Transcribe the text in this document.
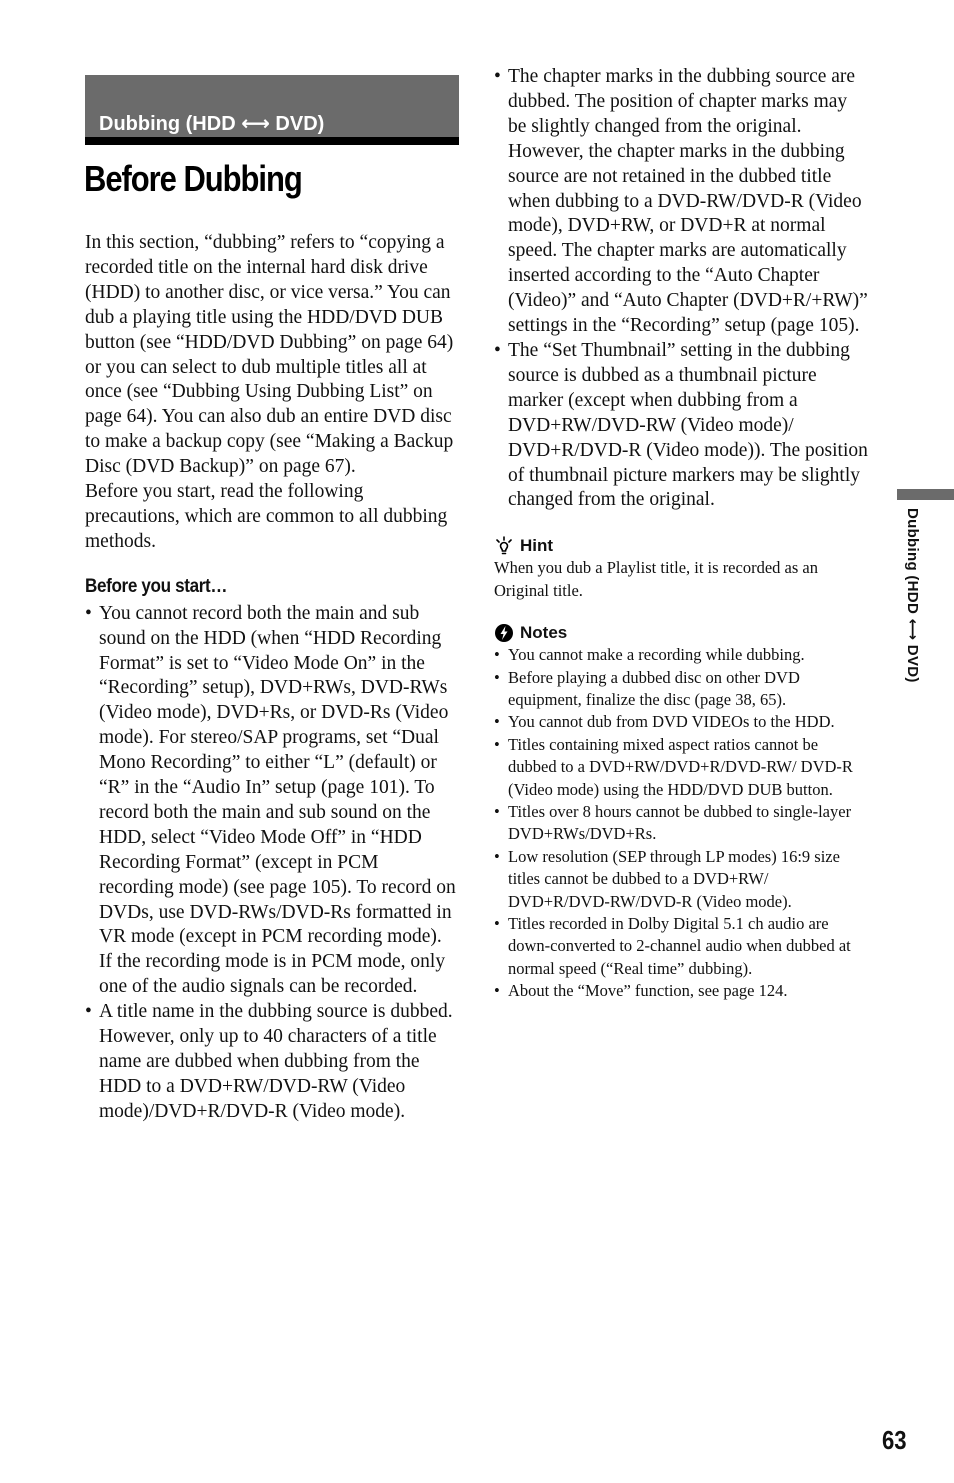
Dubbing (HDD ⟷ DVD)
Before Dubbing

In this section, “dubbing” refers to “copying a recorded title on the internal hard disk drive (HDD) to another disc, or vice versa.” You can dub a playing title using the HDD/DVD DUB button (see “HDD/DVD Dubbing” on page 64) or you can select to dub multiple titles all at once (see “Dubbing Using Dubbing List” on page 64). You can also dub an entire DVD disc to make a backup copy (see “Making a Backup Disc (DVD Backup)” on page 67).

Before you start, read the following precautions, which are common to all dubbing methods.

Before you start…
• You cannot record both the main and sub sound on the HDD (when “HDD Recording Format” is set to “Video Mode On” in the “Recording” setup), DVD+RWs, DVD-RWs (Video mode), DVD+Rs, or DVD-Rs (Video mode). For stereo/SAP programs, set “Dual Mono Recording” to either “L” (default) or “R” in the “Audio In” setup (page 101). To record both the main and sub sound on the HDD, select “Video Mode Off” in “HDD Recording Format” (except in PCM recording mode) (see page 105). To record on DVDs, use DVD-RWs/DVD-Rs formatted in VR mode (except in PCM recording mode). If the recording mode is in PCM mode, only one of the audio signals can be recorded.
• A title name in the dubbing source is dubbed. However, only up to 40 characters of a title name are dubbed when dubbing from the HDD to a DVD+RW/DVD-RW (Video mode)/DVD+R/DVD-R (Video mode).
• The chapter marks in the dubbing source are dubbed. The position of chapter marks may be slightly changed from the original. However, the chapter marks in the dubbing source are not retained in the dubbed title when dubbing to a DVD-RW/DVD-R (Video mode), DVD+RW, or DVD+R at normal speed. The chapter marks are automatically inserted according to the “Auto Chapter (Video)” and “Auto Chapter (DVD+R/+RW)” settings in the “Recording” setup (page 105).
• The “Set Thumbnail” setting in the dubbing source is dubbed as a thumbnail picture marker (except when dubbing from a DVD+RW/DVD-RW (Video mode)/ DVD+R/DVD-R (Video mode)). The position of thumbnail picture markers may be slightly changed from the original.
Hint

When you dub a Playlist title, it is recorded as an Original title.

Notes
• You cannot make a recording while dubbing.
• Before playing a dubbed disc on other DVD equipment, finalize the disc (page 38, 65).
• You cannot dub from DVD VIDEOs to the HDD.
• Titles containing mixed aspect ratios cannot be dubbed to a DVD+RW/DVD+R/DVD-RW/ DVD-R (Video mode) using the HDD/DVD DUB button.
• Titles over 8 hours cannot be dubbed to single-layer DVD+RWs/DVD+Rs.
• Low resolution (SEP through LP modes) 16:9 size titles cannot be dubbed to a DVD+RW/ DVD+R/DVD-RW/DVD-R (Video mode).
• Titles recorded in Dolby Digital 5.1 ch audio are down-converted to 2-channel audio when dubbed at normal speed (“Real time” dubbing).
• About the “Move” function, see page 124.
Dubbing (HDD ⟷ DVD)
63
